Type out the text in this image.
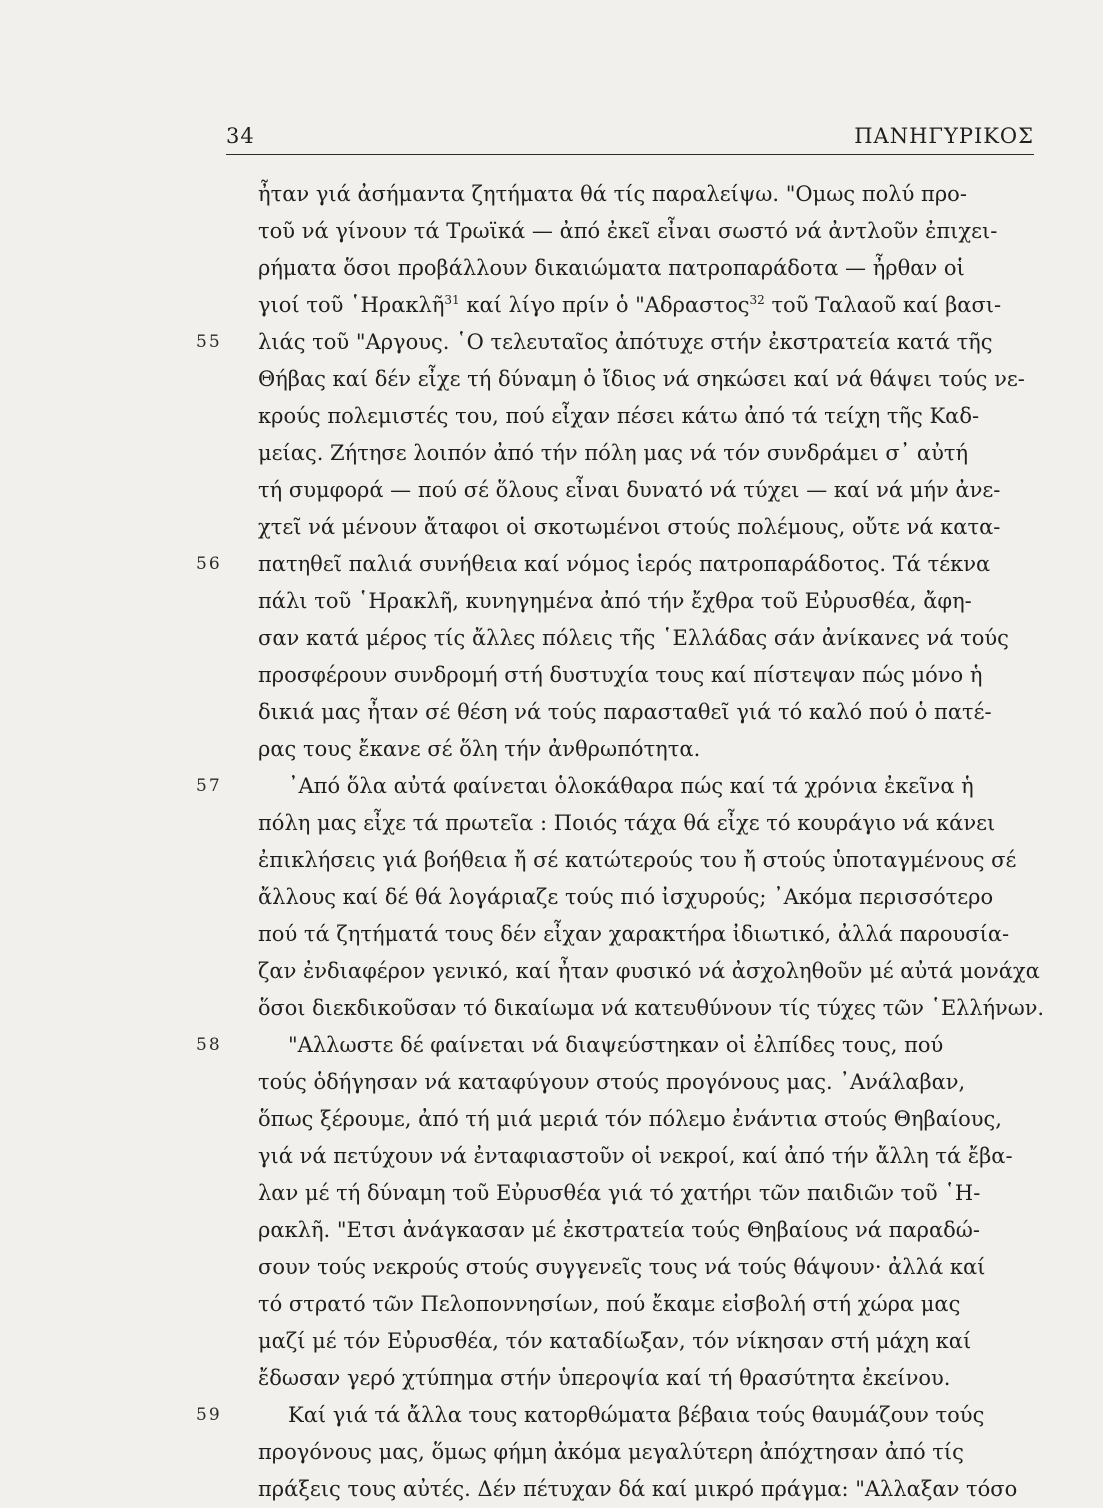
34	ΠΑΝΗΓΥΡΙΚΟΣ
ἦταν γιά ἀσήμαντα ζητήματα θά τίς παραλείψω. "Ομως πολύ προ-
τοῦ νά γίνουν τά Τρωϊκά — ἀπό ἐκεῖ εἶναι σωστό νά ἀντλοῦν ἐπιχει-
ρήματα ὅσοι προβάλλουν δικαιώματα πατροπαράδοτα — ἦρθαν οἱ
γιοί τοῦ ῾Ηρακλῆ$^{31}$ καί λίγο πρίν ὁ "Αδραστος$^{32}$ τοῦ Ταλαοῦ καί βασι-
55	λιάς τοῦ "Αργους. ῾Ο τελευταῖος ἀπότυχε στήν ἐκστρατεία κατά τῆς
Θήβας καί δέν εἶχε τή δύναμη ὁ ἴδιος νά σηκώσει καί νά θάψει τούς νε-
κρούς πολεμιστές του, πού εἶχαν πέσει κάτω ἀπό τά τείχη τῆς Καδ-
μείας. Ζήτησε λοιπόν ἀπό τήν πόλη μας νά τόν συνδράμει σ᾽ αὐτή
τή συμφορά — πού σέ ὅλους εἶναι δυνατό νά τύχει — καί νά μήν ἀνε-
χτεῖ νά μένουν ἄταφοι οἱ σκοτωμένοι στούς πολέμους, οὔτε νά κατα-
56	πατηθεῖ παλιά συνήθεια καί νόμος ἱερός πατροπαράδοτος. Τά τέκνα
πάλι τοῦ ῾Ηρακλῆ, κυνηγημένα ἀπό τήν ἔχθρα τοῦ Εὐρυσθέα, ἄφη-
σαν κατά μέρος τίς ἄλλες πόλεις τῆς ῾Ελλάδας σάν ἀνίκανες νά τούς
προσφέρουν συνδρομή στή δυστυχία τους καί πίστεψαν πώς μόνο ἡ
δικιά μας ἦταν σέ θέση νά τούς παρασταθεῖ γιά τό καλό πού ὁ πατέ-
ρας τους ἔκανε σέ ὅλη τήν ἀνθρωπότητα.
57	᾽Από ὅλα αὐτά φαίνεται ὁλοκάθαρα πώς καί τά χρόνια ἐκεῖνα ἡ
πόλη μας εἶχε τά πρωτεῖα : Ποιός τάχα θά εἶχε τό κουράγιο νά κάνει
ἐπικλήσεις γιά βοήθεια ἤ σέ κατώτερούς του ἤ στούς ὑποταγμένους σέ
ἄλλους καί δέ θά λογάριαζε τούς πιό ἰσχυρούς; ᾽Ακόμα περισσότερο
πού τά ζητήματά τους δέν εἶχαν χαρακτήρα ἰδιωτικό, ἀλλά παρουσία-
ζαν ἐνδιαφέρον γενικό, καί ἦταν φυσικό νά ἀσχοληθοῦν μέ αὐτά μονάχα
ὅσοι διεκδικοῦσαν τό δικαίωμα νά κατευθύνουν τίς τύχες τῶν ῾Ελλήνων.
58	"Αλλωστε δέ φαίνεται νά διαψεύστηκαν οἱ ἐλπίδες τους, πού
τούς ὁδήγησαν νά καταφύγουν στούς προγόνους μας. ᾽Ανάλαβαν,
ὅπως ξέρουμε, ἀπό τή μιά μεριά τόν πόλεμο ἐνάντια στούς Θηβαίους,
γιά νά πετύχουν νά ἐνταφιαστοῦν οἱ νεκροί, καί ἀπό τήν ἄλλη τά ἔβα-
λαν μέ τή δύναμη τοῦ Εὐρυσθέα γιά τό χατήρι τῶν παιδιῶν τοῦ ῾Η-
ρακλῆ. "Ετσι ἀνάγκασαν μέ ἐκστρατεία τούς Θηβαίους νά παραδώ-
σουν τούς νεκρούς στούς συγγενεῖς τους νά τούς θάψουν· ἀλλά καί
τό στρατό τῶν Πελοποννησίων, πού ἔκαμε εἰσβολή στή χώρα μας
μαζί μέ τόν Εὐρυσθέα, τόν καταδίωξαν, τόν νίκησαν στή μάχη καί
ἔδωσαν γερό χτύπημα στήν ὑπεροψία καί τή θρασύτητα ἐκείνου.
59	Καί γιά τά ἄλλα τους κατορθώματα βέβαια τούς θαυμάζουν τούς
προγόνους μας, ὅμως φήμη ἀκόμα μεγαλύτερη ἀπόχτησαν ἀπό τίς
πράξεις τους αὐτές. Δέν πέτυχαν δά καί μικρό πράγμα: "Αλλαξαν τόσο
